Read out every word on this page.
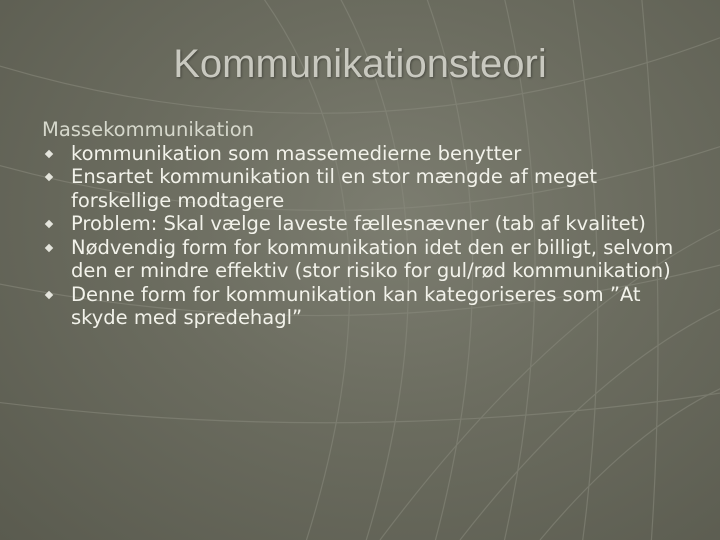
Kommunikationsteori
Massekommunikation
kommunikation som massemedierne benytter
Ensartet kommunikation til en stor mængde af meget forskellige modtagere
Problem: Skal vælge laveste fællesnævner (tab af kvalitet)
Nødvendig form for kommunikation idet den er billigt, selvom den er mindre effektiv (stor risiko for gul/rød kommunikation)
Denne form for kommunikation kan kategoriseres som ”At skyde med spredehagl”
